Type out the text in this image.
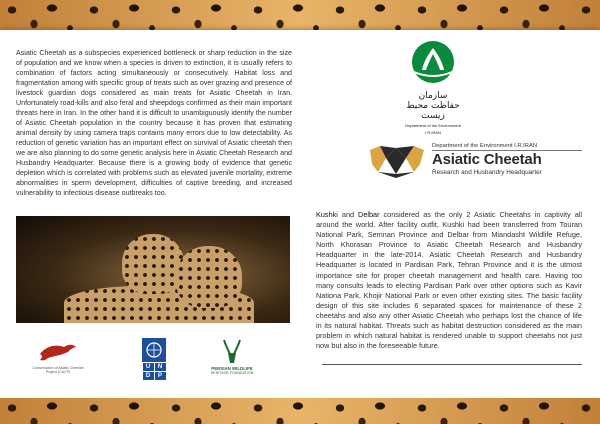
Asiatic Cheetah as a subspecies experienced bottleneck or sharp reduction in the size of population and we know when a species is driven to extinction, it is usually refers to combination of factors acting simultaneously or consecutively. Habitat loss and fragmentation among with specific group of treats such as over grazing and presence of livestock guardian dogs considered as main treats for Asiatic Cheetah in Iran. Unfortunately road-kills and also feral and sheepdogs confirmed as their main important threats here in Iran. In the other hand it is difficult to unambiguously identify the number of Asiatic Cheetah population in the country because it has proven that estimating animal density by using camera traps contains many errors due to low detectability. As reduction of genetic variation has an important effect on survival of Asiatic cheetah then we are also planning to do some genetic analysis here in Asiatic Cheetah Research and Husbandry Headquarter. Because there is a growing body of evidence that genetic depletion which is correlated with problems such as elevated juvenile mortality, extreme abnormalities in sperm development, difficulties of captive breeding, and increased vulnerability to infectious disease outbreaks too.

Conservation of Asiatic Cheetah Project (CACP)
U	N
D	P
PERSIAN WILDLIFE
HERITAGE FOUNDATION
سازمان حفاظت محیط زیست
Department of the Environment
I.R.IRAN
Department of the Environment I.R.IRAN
Asiatic Cheetah
Research and Husbandry Headquarter

Kushki and Delbar considered as the only 2 Asiatic Cheetahs in captivity all around the world. After facility outfit, Kushki had been transferred from Touran National Park, Semnan Province and Delbar from Miandasht Wildlife Refuge, North Khorasan Province to Asiatic Cheetah Research and Husbandry Headquarter in the late-2014. Asiatic Cheetah Research and Husbandry Headquarter is located in Pardisan Park, Tehran Province and it is the utmost importance site for proper cheetah management and health care. Having too many consults leads to electing Pardisan Park over other options such as Kavir Nationa Park, Khojir National Park or even other existing sites. The basic facility design of this site includes 6 separated spaces for maintenance of these 2 cheetahs and also any other Asiatic Cheetah who perhaps lost the chance of life in its natural habitat. Threats such as habitat destruction considered as the main problem in which natural habitat is rendered unable to support cheetahs not just now but also in the foreseeable future.
